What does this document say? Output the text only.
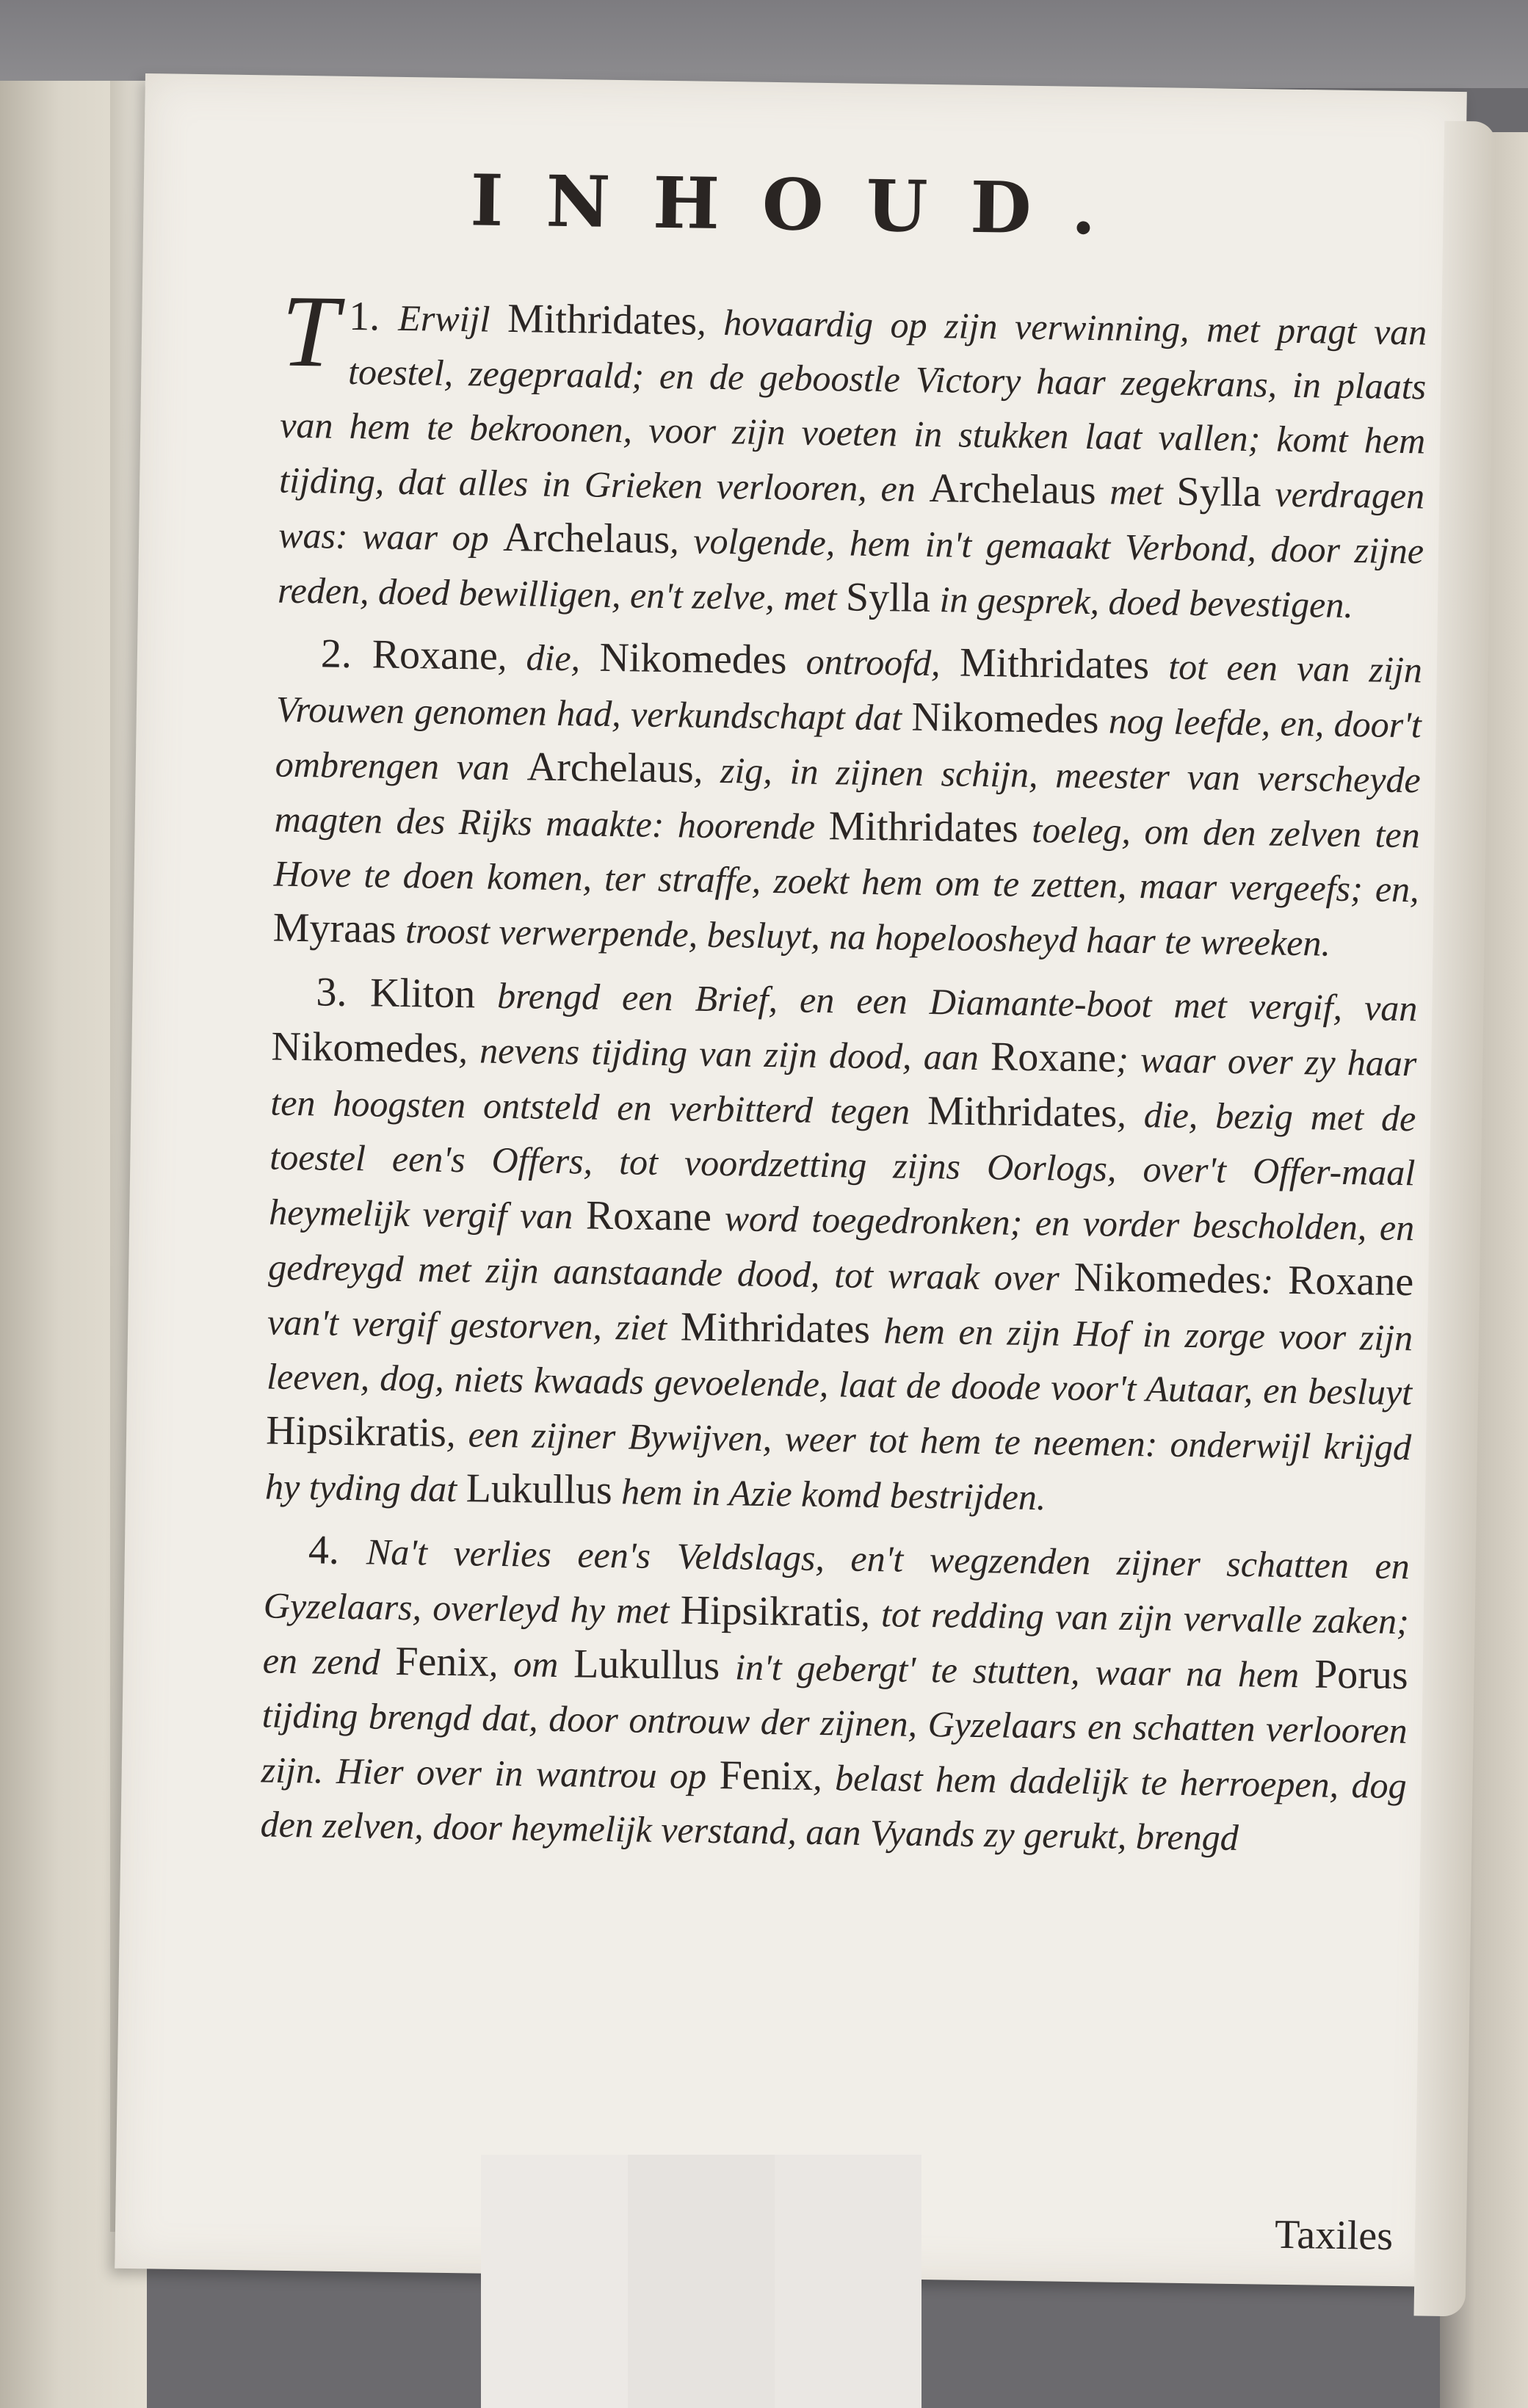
INHOUD.

1.
T Erwijl Mithridates, hovaardig op zijn verwinning, met pragt van toestel, zegepraald; en de geboostle Victory haar zegekrans, in plaats van hem te bekroonen, voor zijn voeten in stukken laat vallen; komt hem tijding, dat alles in Grieken verlooren, en Archelaus met Sylla verdragen was: waar op Archelaus, volgende, hem in't gemaakt Verbond, door zijne reden, doed bewilligen, en't zelve, met Sylla in gesprek, doed bevestigen.

2. Roxane, die, Nikomedes ontroofd, Mithridates tot een van zijn Vrouwen genomen had, verkundschapt dat Nikomedes nog leefde, en, door't ombrengen van Archelaus, zig, in zijnen schijn, meester van verscheyde magten des Rijks maakte: hoorende Mithridates toeleg, om den zelven ten Hove te doen komen, ter straffe, zoekt hem om te zetten, maar vergeefs; en, Myraas troost verwerpende, besluyt, na hopeloosheyd haar te wreeken.

3. Kliton brengd een Brief, en een Diamante-boot met vergif, van Nikomedes, nevens tijding van zijn dood, aan Roxane; waar over zy haar ten hoogsten ontsteld en verbitterd tegen Mithridates, die, bezig met de toestel een's Offers, tot voordzetting zijns Oorlogs, over't Offer-maal heymelijk vergif van Roxane word toegedronken; en vorder bescholden, en gedreygd met zijn aanstaande dood, tot wraak over Nikomedes: Roxane van't vergif gestorven, ziet Mithridates hem en zijn Hof in zorge voor zijn leeven, dog, niets kwaads gevoelende, laat de doode voor't Autaar, en besluyt Hipsikratis, een zijner Bywijven, weer tot hem te neemen: onderwijl krijgd hy tyding dat Lukullus hem in Azie komd bestrijden.

4. Na't verlies een's Veldslags, en't wegzenden zijner schatten en Gyzelaars, overleyd hy met Hipsikratis, tot redding van zijn vervalle zaken; en zend Fenix, om Lukullus in't gebergt' te stutten, waar na hem Porus tijding brengd dat, door ontrouw der zijnen, Gyzelaars en schatten verlooren zijn. Hier over in wantrou op Fenix, belast hem dadelijk te herroepen, dog den zelven, door heymelijk verstand, aan Vyands zy gerukt, brengd

Taxiles
